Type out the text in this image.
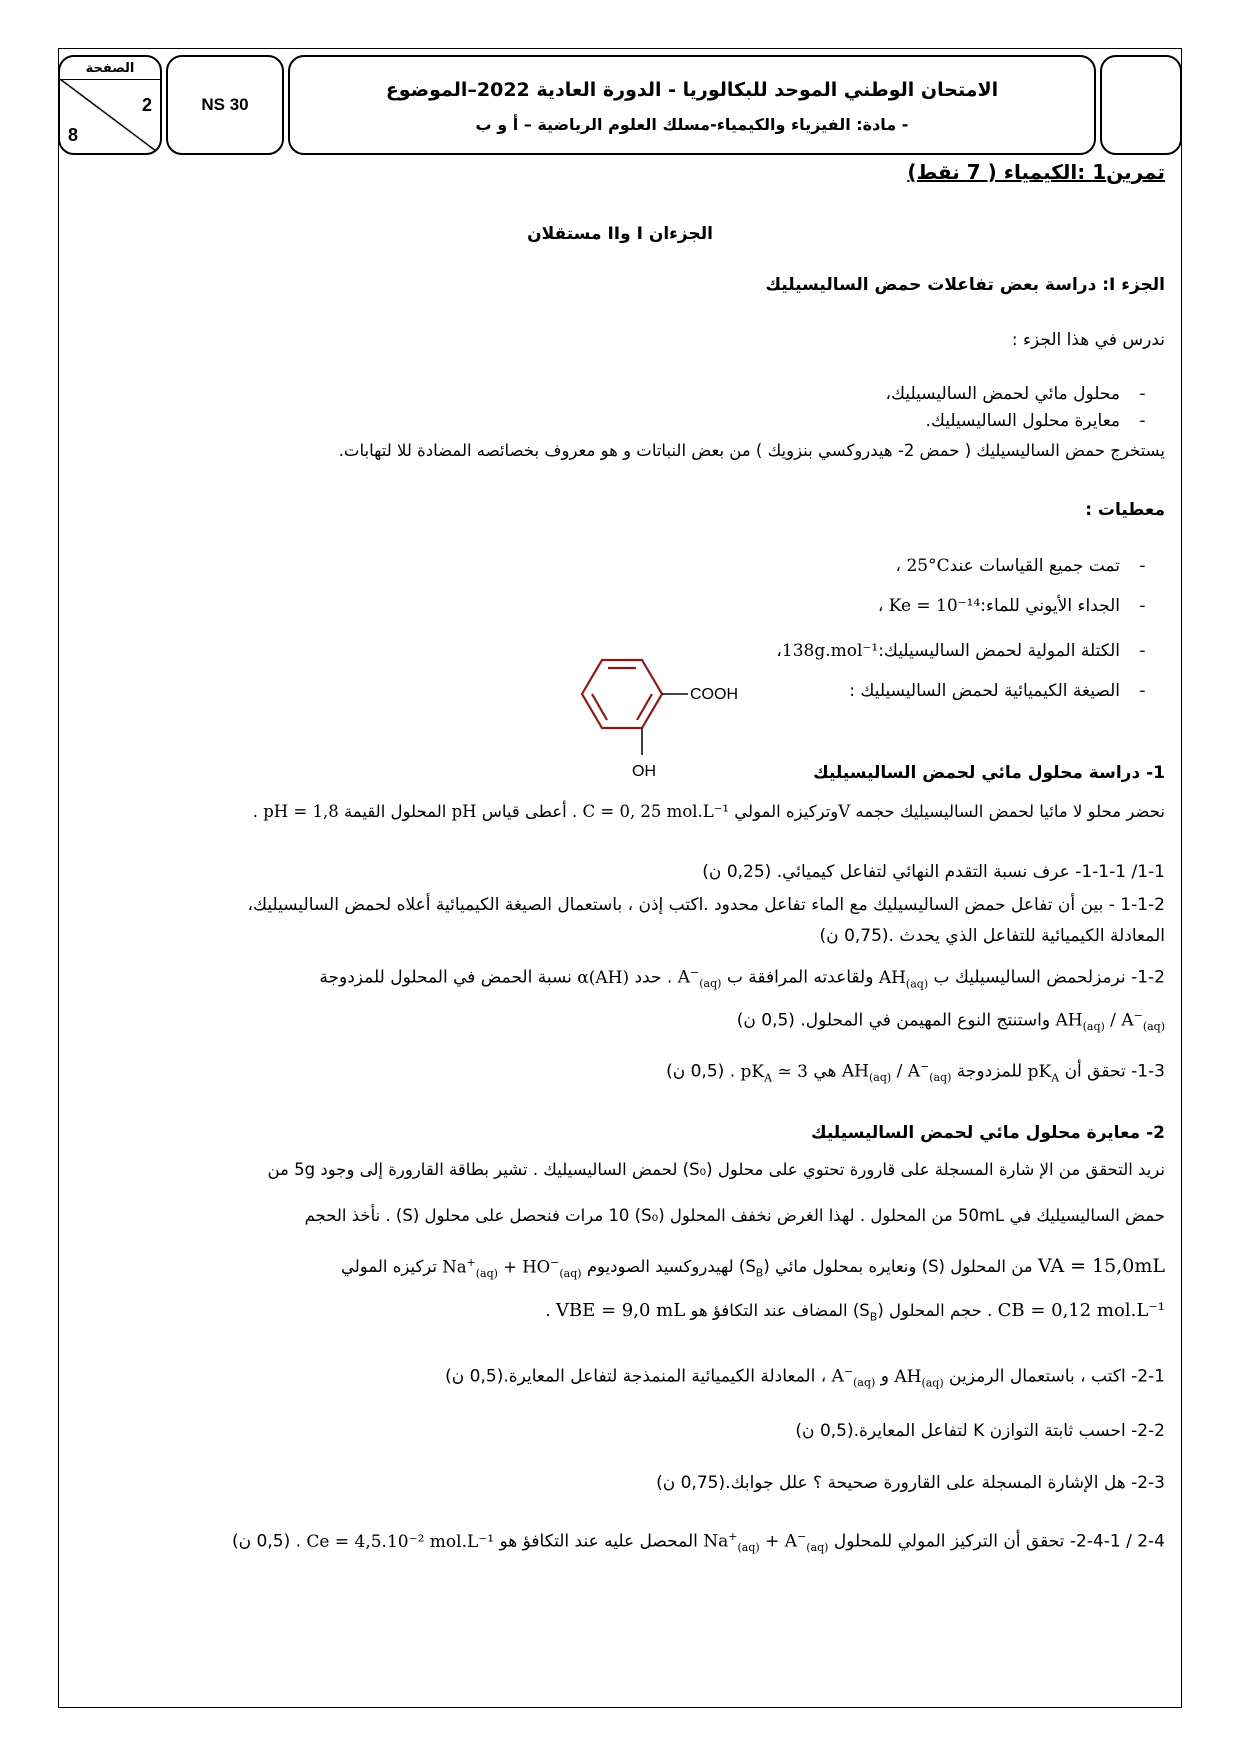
الصفحة
2
8
NS 30
الامتحان الوطني الموحد للبكالوريا - الدورة العادية 2022–الموضوع
- مادة: الفيزياء والكيمياء-مسلك العلوم الرياضية – أ و ب
تمرين1 :الكيمياء ( 7 نقط)
الجزءان I وII مستقلان
الجزء I: دراسة بعض تفاعلات حمض الساليسيليك
ندرس في هذا الجزء :
-محلول مائي لحمض الساليسيليك،
-معايرة محلول الساليسيليك.
يستخرج حمض الساليسيليك ( حمض 2- هيدروكسي بنزويك ) من بعض النباتات و هو معروف بخصائصه المضادة للا لتهابات.
معطيات :
-تمت جميع القياسات عند25°C ،
-الجداء الأيوني للماء:Ke = 10⁻¹⁴ ،
-الكتلة المولية لحمض الساليسيليك:138g.mol⁻¹،
-الصيغة الكيميائية لحمض الساليسيليك :
COOH
OH	1- دراسة محلول مائي لحمض الساليسيليك
نحضر محلو لا مائيا لحمض الساليسيليك حجمه Vوتركيزه المولي C = 0, 25 mol.L⁻¹ . أعطى قياس pH المحلول القيمة pH = 1,8 .
1-1/ 1-1-1- عرف نسبة التقدم النهائي لتفاعل كيميائي. (0,25 ن)
1-1-2 - بين أن تفاعل حمض الساليسيليك مع الماء تفاعل محدود .اكتب إذن ، باستعمال الصيغة الكيميائية أعلاه لحمض الساليسيليك،
المعادلة الكيميائية للتفاعل الذي يحدث .(0,75 ن)
1-2- نرمزلحمض الساليسيليك ب $AH_{(aq)}$ ولقاعدته المرافقة ب $A^-_{(aq)}$ . حدد α(AH) نسبة الحمض في المحلول للمزدوجة
$AH_{(aq)} / A^-_{(aq)}$ واستنتج النوع المهيمن في المحلول. (0,5 ن)
1-3- تحقق أن $pK_A$ للمزدوجة $AH_{(aq)} / A^-_{(aq)}$ هي $pK_A$ ≃ 3 . (0,5 ن)
2- معايرة محلول مائي لحمض الساليسيليك
نريد التحقق من الإ شارة المسجلة على قارورة تحتوي على محلول (S₀) لحمض الساليسيليك . تشير بطاقة القارورة إلى وجود 5g من
حمض الساليسيليك في 50mL من المحلول . لهذا الغرض نخفف المحلول (S₀) 10 مرات فنحصل على محلول (S) . نأخذ الحجم
VA = 15,0mL من المحلول (S) ونعايره بمحلول مائي $(S_B)$ لهيدروكسيد الصوديوم $Na^+_{(aq)} + HO^-_{(aq)}$ تركيزه المولي
CB = 0,12 mol.L⁻¹ . حجم المحلول $(S_B)$ المضاف عند التكافؤ هو VBE = 9,0 mL .
2-1- اكتب ، باستعمال الرمزين $AH_{(aq)}$ و $A^-_{(aq)}$ ، المعادلة الكيميائية المنمذجة لتفاعل المعايرة.(0,5 ن)
2-2- احسب ثابتة التوازن K لتفاعل المعايرة.(0,5 ن)
2-3- هل الإشارة المسجلة على القارورة صحيحة ؟ علل جوابك.(0,75 ن)
2-4 / 2-4-1- تحقق أن التركيز المولي للمحلول $Na^+_{(aq)} + A^-_{(aq)}$ المحصل عليه عند التكافؤ هو Ce = 4,5.10⁻² mol.L⁻¹ . (0,5 ن)
